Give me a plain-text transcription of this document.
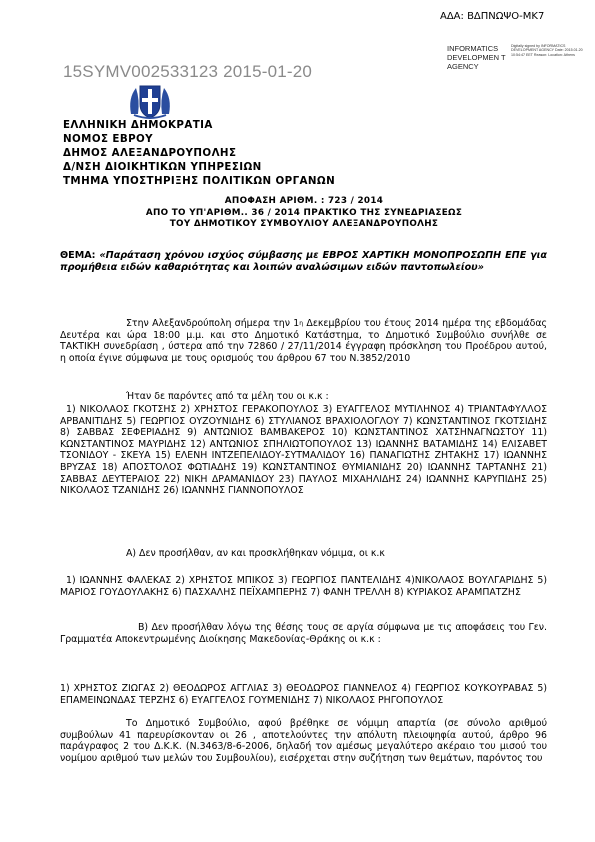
ΑΔΑ: ΒΔΠΝΩΨΟ-ΜΚ7
15SYMV002533123 2015-01-20
INFORMATICS DEVELOPMEN T AGENCY
Digitally signed by INFORMATICS DEVELOPMENT AGENCY Date: 2015.01.20 10:54:47 EET Reason: Location: Athens
ΕΛΛΗΝΙΚΗ ΔΗΜΟΚΡΑΤΙΑ
ΝΟΜΟΣ ΕΒΡΟΥ
ΔΗΜΟΣ ΑΛΕΞΑΝΔΡΟΥΠΟΛΗΣ
Δ/ΝΣΗ ΔΙΟΙΚΗΤΙΚΩΝ ΥΠΗΡΕΣΙΩΝ
ΤΜΗΜΑ ΥΠΟΣΤΗΡΙΞΗΣ ΠΟΛΙΤΙΚΩΝ ΟΡΓΑΝΩΝ
ΑΠΟΦΑΣΗ ΑΡΙΘΜ. : 723 / 2014
ΑΠΟ ΤΟ ΥΠ'ΑΡΙΘΜ.. 36 / 2014 ΠΡΑΚΤΙΚΟ ΤΗΣ ΣΥΝΕΔΡΙΑΣΕΩΣ
ΤΟΥ ΔΗΜΟΤΙΚΟΥ ΣΥΜΒΟΥΛΙΟΥ ΑΛΕΞΑΝΔΡΟΥΠΟΛΗΣ
ΘΕΜΑ: «Παράταση χρόνου ισχύος σύμβασης με ΕΒΡΟΣ ΧΑΡΤΙΚΗ ΜΟΝΟΠΡΟΣΩΠΗ ΕΠΕ για προμήθεια ειδών καθαριότητας και λοιπών αναλώσιμων ειδών παντοπωλείου»
Στην Αλεξανδρούπολη σήμερα την $1^\eta$ Δεκεμβρίου του έτους 2014 ημέρα της εβδομάδας Δευτέρα και ώρα 18:00 μ.μ. και στο Δημοτικό Κατάστημα, το Δημοτικό Συμβούλιο συνήλθε σε ΤΑΚΤΙΚΗ συνεδρίαση , ύστερα από την 72860 / 27/11/2014 έγγραφη πρόσκληση του Προέδρου αυτού, η οποία έγινε σύμφωνα με τους ορισμούς του άρθρου 67 του Ν.3852/2010
Ήταν δε παρόντες από τα μέλη του οι κ.κ :
1) ΝΙΚΟΛΑΟΣ ΓΚΟΤΣΗΣ 2) ΧΡΗΣΤΟΣ ΓΕΡΑΚΟΠΟΥΛΟΣ 3) ΕΥΑΓΓΕΛΟΣ ΜΥΤΙΛΗΝΟΣ 4) ΤΡΙΑΝΤΑΦΥΛΛΟΣ ΑΡΒΑΝΙΤΙΔΗΣ 5) ΓΕΩΡΓΙΟΣ ΟΥΖΟΥΝΙΔΗΣ 6) ΣΤΥΛΙΑΝΟΣ ΒΡΑΧΙΟΛΟΓΛΟΥ 7) ΚΩΝΣΤΑΝΤΙΝΟΣ ΓΚΟΤΣΙΔΗΣ 8) ΣΑΒΒΑΣ ΣΕΦΕΡΙΑΔΗΣ 9) ΑΝΤΩΝΙΟΣ ΒΑΜΒΑΚΕΡΟΣ 10) ΚΩΝΣΤΑΝΤΙΝΟΣ ΧΑΤΣΗΝΑΓΝΩΣΤΟΥ 11) ΚΩΝΣΤΑΝΤΙΝΟΣ ΜΑΥΡΙΔΗΣ 12) ΑΝΤΩΝΙΟΣ ΣΠΗΛΙΩΤΟΠΟΥΛΟΣ 13) ΙΩΑΝΝΗΣ ΒΑΤΑΜΙΔΗΣ 14) ΕΛΙΣΑΒΕΤ ΤΣΟΝΙΔΟΥ - ΣΚΕΥΑ 15) ΕΛΕΝΗ ΙΝΤΖΕΠΕΛΙΔΟΥ-ΣΥΤΜΑΛΙΔΟΥ 16) ΠΑΝΑΓΙΩΤΗΣ ΖΗΤΑΚΗΣ 17) ΙΩΑΝΝΗΣ ΒΡΥΖΑΣ 18) ΑΠΟΣΤΟΛΟΣ ΦΩΤΙΑΔΗΣ 19) ΚΩΝΣΤΑΝΤΙΝΟΣ ΘΥΜΙΑΝΙΔΗΣ 20) ΙΩΑΝΝΗΣ ΤΑΡΤΑΝΗΣ 21) ΣΑΒΒΑΣ ΔΕΥΤΕΡΑΙΟΣ 22) ΝΙΚΗ ΔΡΑΜΑΝΙΔΟΥ 23) ΠΑΥΛΟΣ ΜΙΧΑΗΛΙΔΗΣ 24) ΙΩΑΝΝΗΣ ΚΑΡΥΠΙΔΗΣ 25) ΝΙΚΟΛΑΟΣ ΤΖΑΝΙΔΗΣ 26) ΙΩΑΝΝΗΣ ΓΙΑΝΝΟΠΟΥΛΟΣ
Α) Δεν προσήλθαν, αν και προσκλήθηκαν νόμιμα, οι κ.κ
1) ΙΩΑΝΝΗΣ ΦΑΛΕΚΑΣ 2) ΧΡΗΣΤΟΣ ΜΠΙΚΟΣ 3) ΓΕΩΡΓΙΟΣ ΠΑΝΤΕΛΙΔΗΣ 4)ΝΙΚΟΛΑΟΣ ΒΟΥΛΓΑΡΙΔΗΣ 5) ΜΑΡΙΟΣ ΓΟΥΔΟΥΛΑΚΗΣ 6) ΠΑΣΧΑΛΗΣ ΠΕΪΧΑΜΠΕΡΗΣ 7) ΦΑΝΗ ΤΡΕΛΛΗ 8) ΚΥΡΙΑΚΟΣ ΑΡΑΜΠΑΤΖΗΣ
Β) Δεν προσήλθαν λόγω της θέσης τους σε αργία σύμφωνα με τις αποφάσεις του Γεν. Γραμματέα Αποκεντρωμένης Διοίκησης Μακεδονίας-Θράκης οι κ.κ :
1) ΧΡΗΣΤΟΣ ΖΙΩΓΑΣ 2) ΘΕΟΔΩΡΟΣ ΑΓΓΛΙΑΣ 3) ΘΕΟΔΩΡΟΣ ΓΙΑΝΝΕΛΟΣ 4) ΓΕΩΡΓΙΟΣ ΚΟΥΚΟΥΡΑΒΑΣ 5) ΕΠΑΜΕΙΝΩΝΔΑΣ ΤΕΡΖΗΣ 6) ΕΥΑΓΓΕΛΟΣ ΓΟΥΜΕΝΙΔΗΣ 7) ΝΙΚΟΛΑΟΣ ΡΗΓΟΠΟΥΛΟΣ
Το Δημοτικό Συμβούλιο, αφού βρέθηκε σε νόμιμη απαρτία (σε σύνολο αριθμού συμβούλων 41 παρευρίσκονταν οι 26 , αποτελούντες την απόλυτη πλειοψηφία αυτού, άρθρο 96 παράγραφος 2 του Δ.Κ.Κ. (Ν.3463/8-6-2006, δηλαδή τον αμέσως μεγαλύτερο ακέραιο του μισού του νομίμου αριθμού των μελών του Συμβουλίου), εισέρχεται στην συζήτηση των θεμάτων, παρόντος του
